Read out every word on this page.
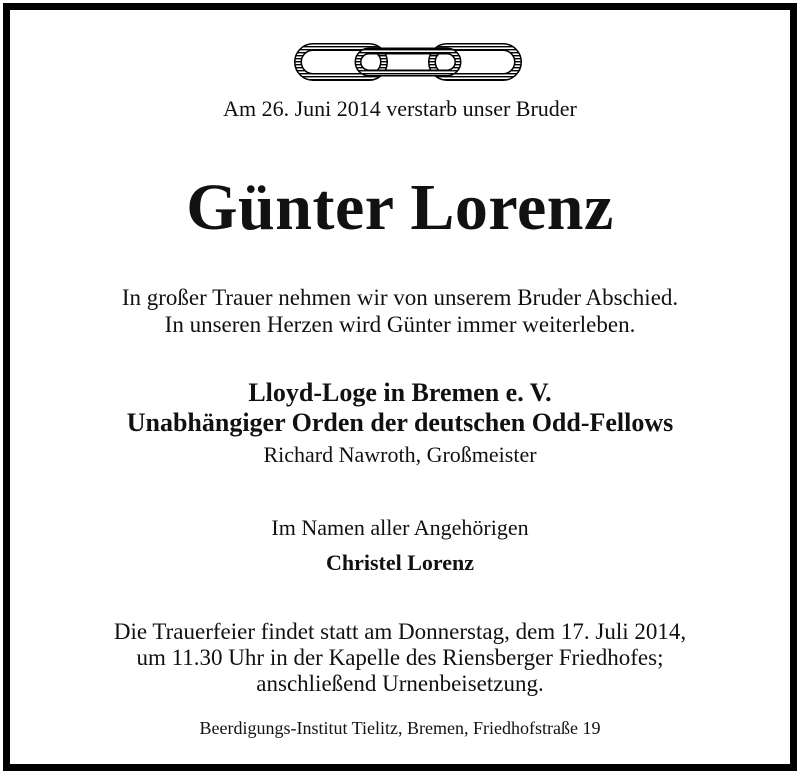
Am 26. Juni 2014 verstarb unser Bruder
Günter Lorenz
In großer Trauer nehmen wir von unserem Bruder Abschied.
In unseren Herzen wird Günter immer weiterleben.
Lloyd-Loge in Bremen e. V.
Unabhängiger Orden der deutschen Odd-Fellows
Richard Nawroth, Großmeister
Im Namen aller Angehörigen
Christel Lorenz
Die Trauerfeier findet statt am Donnerstag, dem 17. Juli 2014,
um 11.30 Uhr in der Kapelle des Riensberger Friedhofes;
anschließend Urnenbeisetzung.
Beerdigungs-Institut Tielitz, Bremen, Friedhofstraße 19
